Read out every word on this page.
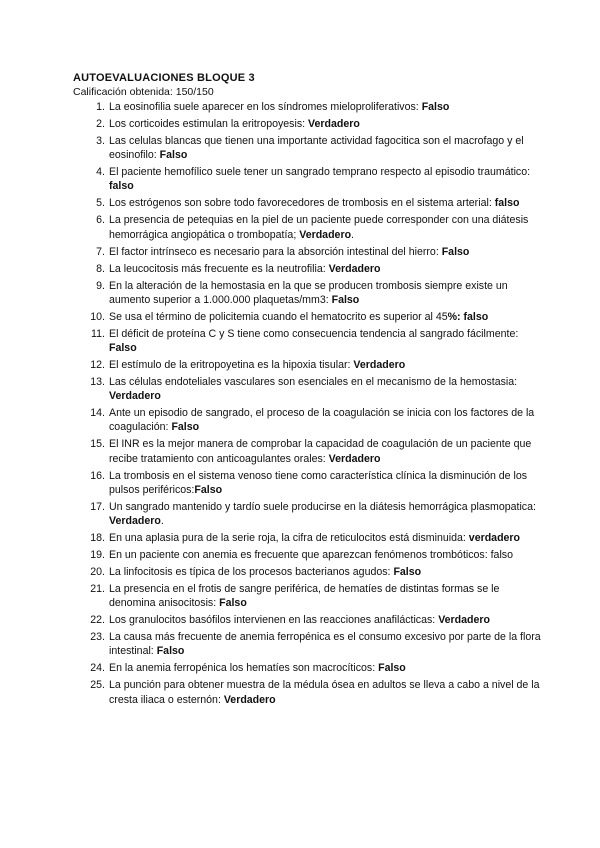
AUTOEVALUACIONES BLOQUE 3
Calificación obtenida: 150/150
1. La eosinofilia suele aparecer en los síndromes mieloproliferativos: Falso
2. Los corticoides estimulan la eritropoyesis: Verdadero
3. Las celulas blancas que tienen una importante actividad fagocitica son el macrofago y el eosinofilo: Falso
4. El paciente hemofílico suele tener un sangrado temprano respecto al episodio traumático: falso
5. Los estrógenos son sobre todo favorecedores de trombosis en el sistema arterial: falso
6. La presencia de petequias en la piel de un paciente puede corresponder con una diátesis hemorrágica angiopática o trombopatía; Verdadero.
7. El factor intrínseco es necesario para la absorción intestinal del hierro: Falso
8. La leucocitosis más frecuente es la neutrofilia: Verdadero
9. En la alteración de la hemostasia en la que se producen trombosis siempre existe un aumento superior a 1.000.000 plaquetas/mm3: Falso
10. Se usa el término de policitemia cuando el hematocrito es superior al 45%: falso
11. El déficit de proteína C y S tiene como consecuencia tendencia al sangrado fácilmente: Falso
12. El estímulo de la eritropoyetina es la hipoxia tisular: Verdadero
13. Las células endoteliales vasculares son esenciales en el mecanismo de la hemostasia: Verdadero
14. Ante un episodio de sangrado, el proceso de la coagulación se inicia con los factores de la coagulación: Falso
15. El INR es la mejor manera de comprobar la capacidad de coagulación de un paciente que recibe tratamiento con anticoagulantes orales: Verdadero
16. La trombosis en el sistema venoso tiene como característica clínica la disminución de los pulsos periféricos:Falso
17. Un sangrado mantenido y tardío suele producirse en la diátesis hemorrágica plasmopatica: Verdadero.
18. En una aplasia pura de la serie roja, la cifra de reticulocitos está disminuida: verdadero
19. En un paciente con anemia es frecuente que aparezcan fenómenos trombóticos: falso
20. La linfocitosis es típica de los procesos bacterianos agudos: Falso
21. La presencia en el frotis de sangre periférica, de hematíes de distintas formas se le denomina anisocitosis: Falso
22. Los granulocitos basófilos intervienen en las reacciones anafilácticas: Verdadero
23. La causa más frecuente de anemia ferropénica es el consumo excesivo por parte de la flora intestinal: Falso
24. En la anemia ferropénica los hematíes son macrocíticos: Falso
25. La punción para obtener muestra de la médula ósea en adultos se lleva a cabo a nivel de la cresta iliaca o esternón: Verdadero
